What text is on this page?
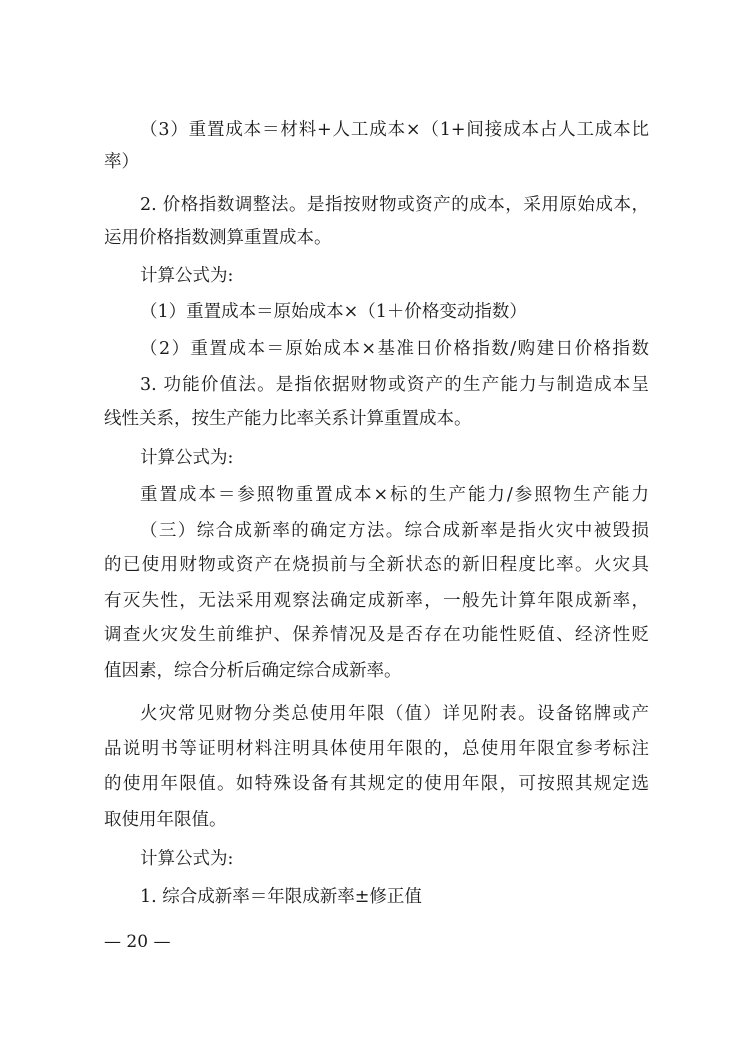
（3）重置成本＝材料+人工成本×（1+间接成本占人工成本比
率）
2. 价格指数调整法。是指按财物或资产的成本，采用原始成本，
运用价格指数测算重置成本。
计算公式为:
（1）重置成本＝原始成本×（1＋价格变动指数）
（2）重置成本＝原始成本×基准日价格指数/购建日价格指数
3. 功能价值法。是指依据财物或资产的生产能力与制造成本呈
线性关系，按生产能力比率关系计算重置成本。
计算公式为:
重置成本＝参照物重置成本×标的生产能力/参照物生产能力
（三）综合成新率的确定方法。综合成新率是指火灾中被毁损
的已使用财物或资产在烧损前与全新状态的新旧程度比率。火灾具
有灭失性，无法采用观察法确定成新率，一般先计算年限成新率，
调查火灾发生前维护、保养情况及是否存在功能性贬值、经济性贬
值因素，综合分析后确定综合成新率。
火灾常见财物分类总使用年限（值）详见附表。设备铭牌或产
品说明书等证明材料注明具体使用年限的，总使用年限宜参考标注
的使用年限值。如特殊设备有其规定的使用年限，可按照其规定选
取使用年限值。
计算公式为:
1. 综合成新率＝年限成新率±修正值
— 20 —
